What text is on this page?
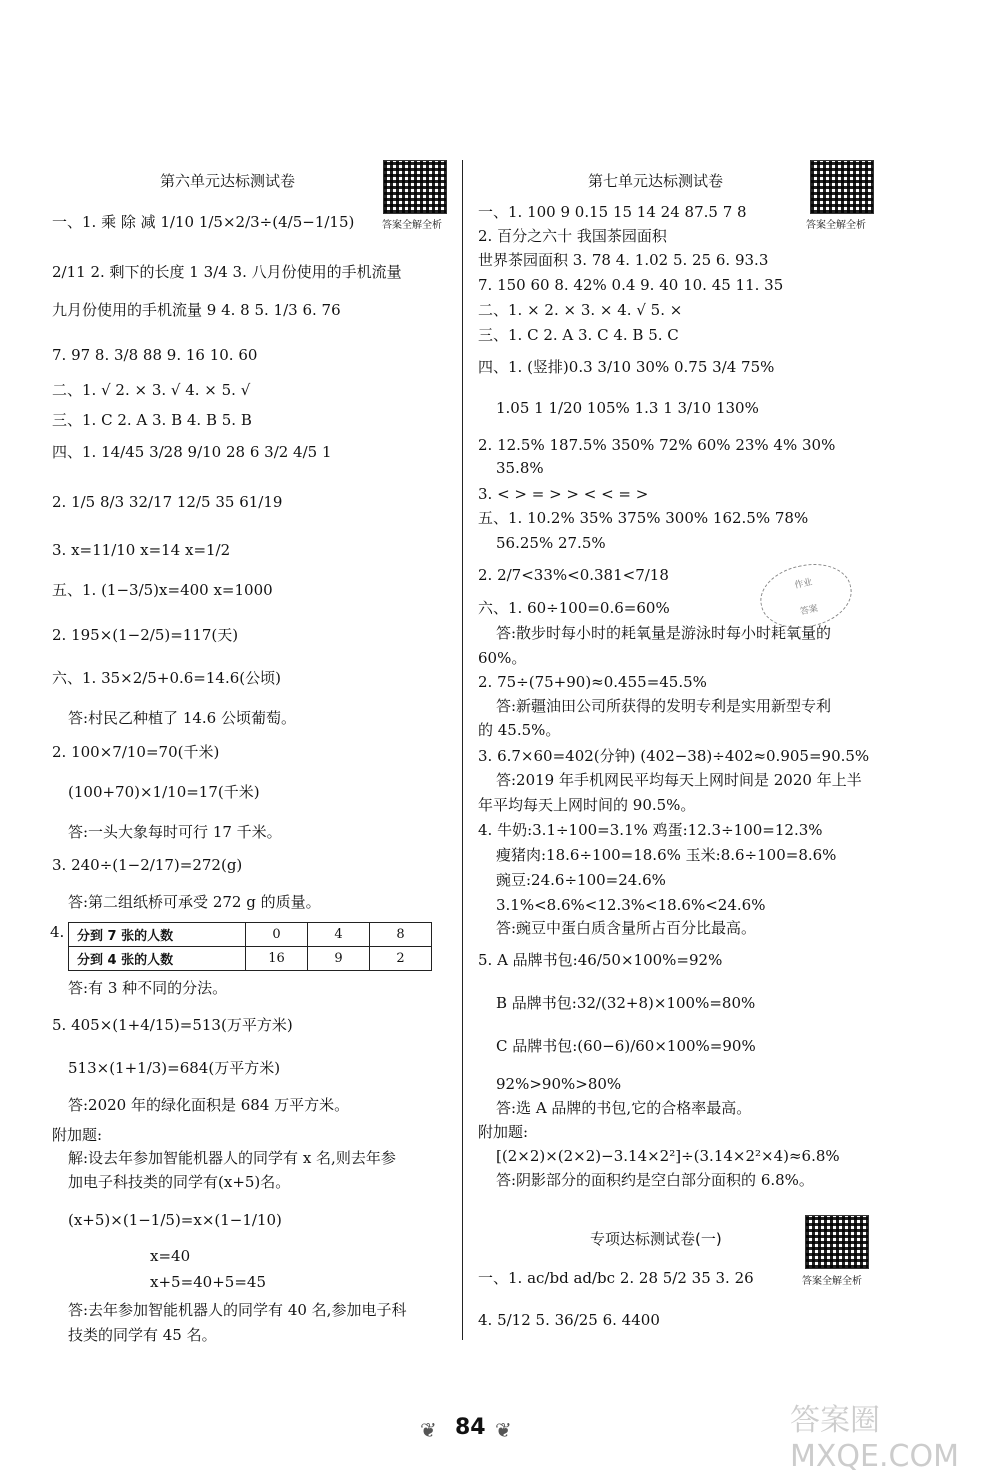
第六单元达标测试卷
答案全解全析
一、1. 乘 除 减 1/10 1/5×2/3÷(4/5−1/15)
2/11 2. 剩下的长度 1 3/4 3. 八月份使用的手机流量
九月份使用的手机流量 9 4. 8 5. 1/3 6. 76
7. 97 8. 3/8 88 9. 16 10. 60
二、1. √ 2. × 3. √ 4. × 5. √
三、1. C 2. A 3. B 4. B 5. B
四、1. 14/45 3/28 9/10 28 6 3/2 4/5 1
2. 1/5 8/3 32/17 12/5 35 61/19
3. x=11/10 x=14 x=1/2
五、1. (1−3/5)x=400 x=1000
2. 195×(1−2/5)=117(天)
六、1. 35×2/5+0.6=14.6(公顷)
答:村民乙种植了 14.6 公顷葡萄。
2. 100×7/10=70(千米)
(100+70)×1/10=17(千米)
答:一头大象每时可行 17 千米。
3. 240÷(1−2/17)=272(g)
答:第二组纸桥可承受 272 g 的质量。
4. 分到 7 张的人数	0	4	8
分到 4 张的人数	16	9	2
答:有 3 种不同的分法。
5. 405×(1+4/15)=513(万平方米)
513×(1+1/3)=684(万平方米)
答:2020 年的绿化面积是 684 万平方米。
附加题:
解:设去年参加智能机器人的同学有 x 名,则去年参
加电子科技类的同学有(x+5)名。
(x+5)×(1−1/5)=x×(1−1/10)
x=40
x+5=40+5=45
答:去年参加智能机器人的同学有 40 名,参加电子科
技类的同学有 45 名。
第七单元达标测试卷
答案全解全析
一、1. 100 9 0.15 15 14 24 87.5 7 8
2. 百分之六十 我国茶园面积
世界茶园面积 3. 78 4. 1.02 5. 25 6. 93.3
7. 150 60 8. 42% 0.4 9. 40 10. 45 11. 35
二、1. × 2. × 3. × 4. √ 5. ×
三、1. C 2. A 3. C 4. B 5. C
四、1. (竖排)0.3 3/10 30% 0.75 3/4 75%
1.05 1 1/20 105% 1.3 1 3/10 130%
2. 12.5% 187.5% 350% 72% 60% 23% 4% 30%
35.8%
3. < > = > > < < = >
五、1. 10.2% 35% 375% 300% 162.5% 78%
56.25% 27.5%
2. 2/7<33%<0.381<7/18
六、1. 60÷100=0.6=60%
答:散步时每小时的耗氧量是游泳时每小时耗氧量的
60%。
2. 75÷(75+90)≈0.455=45.5%
答:新疆油田公司所获得的发明专利是实用新型专利
的 45.5%。
3. 6.7×60=402(分钟) (402−38)÷402≈0.905=90.5%
答:2019 年手机网民平均每天上网时间是 2020 年上半
年平均每天上网时间的 90.5%。
4. 牛奶:3.1÷100=3.1% 鸡蛋:12.3÷100=12.3%
瘦猪肉:18.6÷100=18.6% 玉米:8.6÷100=8.6%
豌豆:24.6÷100=24.6%
3.1%<8.6%<12.3%<18.6%<24.6%
答:豌豆中蛋白质含量所占百分比最高。
5. A 品牌书包:46/50×100%=92%
B 品牌书包:32/(32+8)×100%=80%
C 品牌书包:(60−6)/60×100%=90%
92%>90%>80%
答:选 A 品牌的书包,它的合格率最高。
附加题:
[(2×2)×(2×2)−3.14×2²]÷(3.14×2²×4)≈6.8%
答:阴影部分的面积约是空白部分面积的 6.8%。
专项达标测试卷(一)
答案全解全析
一、1. ac/bd ad/bc 2. 28 5/2 35 3. 26
4. 5/12 5. 36/25 6. 4400
作业
答案
❦ 84 ❦	答案圈 MXQE.COM
